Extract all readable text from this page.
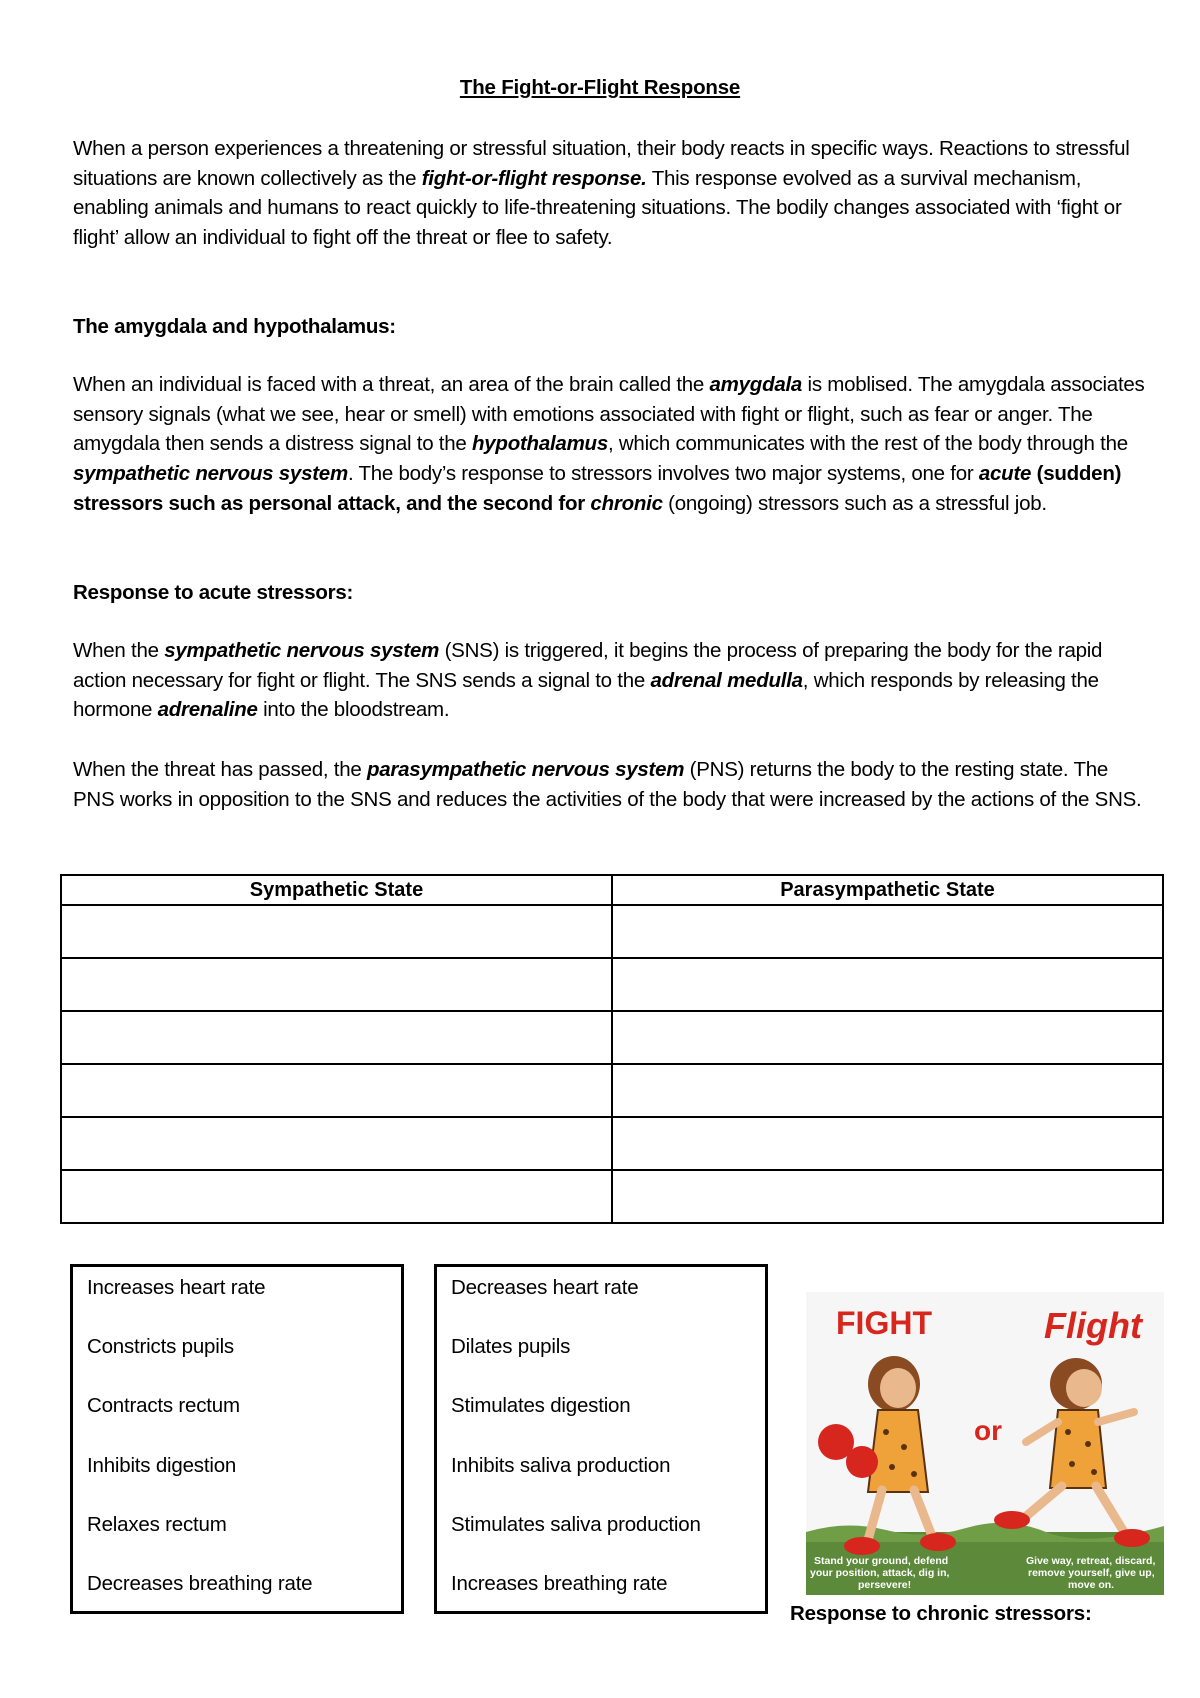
The Fight-or-Flight Response

When a person experiences a threatening or stressful situation, their body reacts in specific ways. Reactions to stressful situations are known collectively as the fight-or-flight response. This response evolved as a survival mechanism, enabling animals and humans to react quickly to life-threatening situations. The bodily changes associated with ‘fight or flight’ allow an individual to fight off the threat or flee to safety.

The amygdala and hypothalamus:

When an individual is faced with a threat, an area of the brain called the amygdala is moblised. The amygdala associates sensory signals (what we see, hear or smell) with emotions associated with fight or flight, such as fear or anger. The amygdala then sends a distress signal to the hypothalamus, which communicates with the rest of the body through the sympathetic nervous system. The body’s response to stressors involves two major systems, one for acute (sudden) stressors such as personal attack, and the second for chronic (ongoing) stressors such as a stressful job.

Response to acute stressors:

When the sympathetic nervous system (SNS) is triggered, it begins the process of preparing the body for the rapid action necessary for fight or flight. The SNS sends a signal to the adrenal medulla, which responds by releasing the hormone adrenaline into the bloodstream.

When the threat has passed, the parasympathetic nervous system (PNS) returns the body to the resting state. The PNS works in opposition to the SNS and reduces the activities of the body that were increased by the actions of the SNS.

Sympathetic State	Parasympathetic State

Increases heart rate
Constricts pupils
Contracts rectum
Inhibits digestion
Relaxes rectum
Decreases breathing rate
Decreases heart rate
Dilates pupils
Stimulates digestion
Inhibits saliva production
Stimulates saliva production
Increases breathing rate
FIGHT	Flight
or
Stand your ground, defend
your position, attack, dig in,
persevere!
Give way, retreat, discard,
remove yourself, give up,
move on.
Response to chronic stressors:
